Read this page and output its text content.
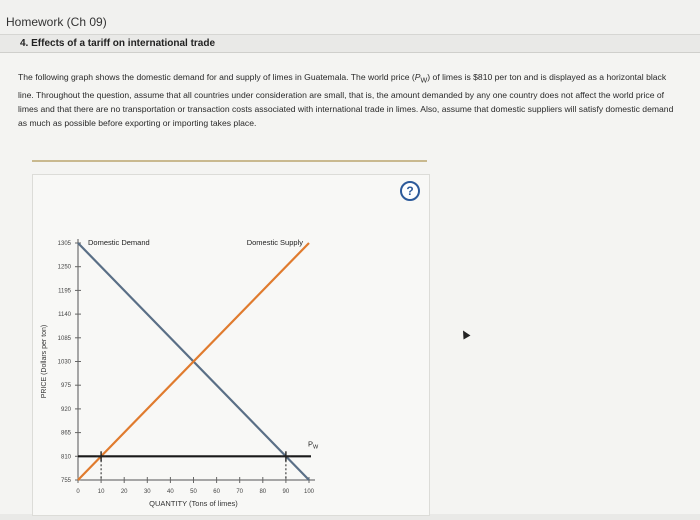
Homework (Ch 09)
4. Effects of a tariff on international trade
The following graph shows the domestic demand for and supply of limes in Guatemala. The world price $(P_W)$ of limes is $810 per ton and is displayed as a horizontal black line. Throughout the question, assume that all countries under consideration are small, that is, the amount demanded by any one country does not affect the world price of limes and that there are no transportation or transaction costs associated with international trade in limes. Also, assume that domestic suppliers will satisfy domestic demand as much as possible before exporting or importing takes place.
755
810
865
920
975
1030
1085
1140
1195
1250
1305
0	10	20	30	40	50	60	70	80	90 100
QUANTITY (Tons of limes)
PRICE (Dollars per ton)
Domestic Demand	Domestic Supply
$P_W$
?
